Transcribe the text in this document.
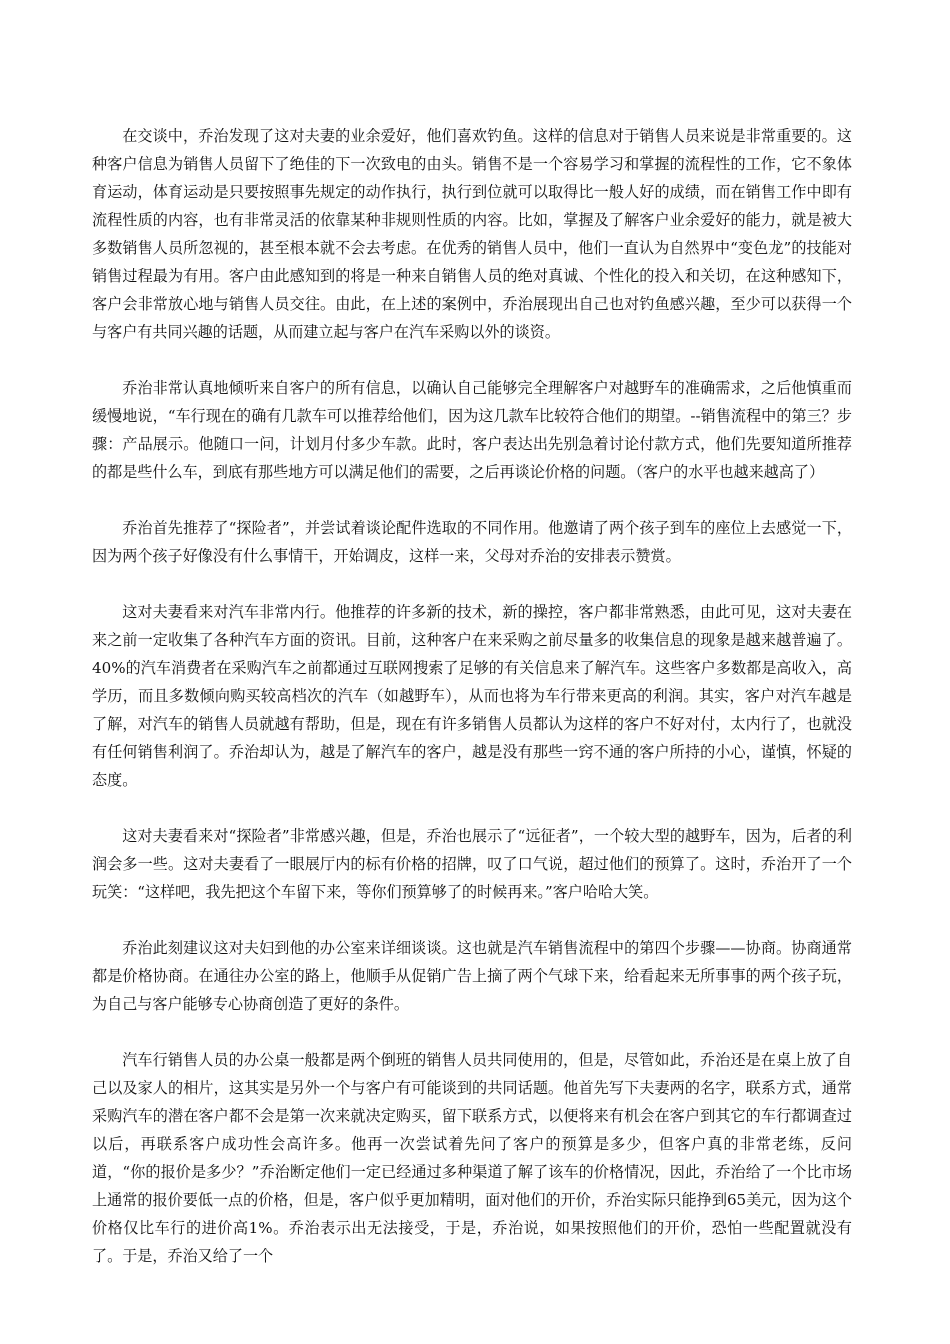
在交谈中，乔治发现了这对夫妻的业余爱好，他们喜欢钓鱼。这样的信息对于销售人员来说是非常重要的。这种客户信息为销售人员留下了绝佳的下一次致电的由头。销售不是一个容易学习和掌握的流程性的工作，它不象体育运动，体育运动是只要按照事先规定的动作执行，执行到位就可以取得比一般人好的成绩，而在销售工作中即有流程性质的内容，也有非常灵活的依靠某种非规则性质的内容。比如，掌握及了解客户业余爱好的能力，就是被大多数销售人员所忽视的，甚至根本就不会去考虑。在优秀的销售人员中，他们一直认为自然界中“变色龙”的技能对销售过程最为有用。客户由此感知到的将是一种来自销售人员的绝对真诚、个性化的投入和关切，在这种感知下，客户会非常放心地与销售人员交往。由此，在上述的案例中，乔治展现出自己也对钓鱼感兴趣，至少可以获得一个与客户有共同兴趣的话题，从而建立起与客户在汽车采购以外的谈资。

乔治非常认真地倾听来自客户的所有信息，以确认自己能够完全理解客户对越野车的准确需求，之后他慎重而缓慢地说，“车行现在的确有几款车可以推荐给他们，因为这几款车比较符合他们的期望。--销售流程中的第三？步骤：产品展示。他随口一问，计划月付多少车款。此时，客户表达出先别急着讨论付款方式，他们先要知道所推荐的都是些什么车，到底有那些地方可以满足他们的需要，之后再谈论价格的问题。（客户的水平也越来越高了）

乔治首先推荐了“探险者”，并尝试着谈论配件选取的不同作用。他邀请了两个孩子到车的座位上去感觉一下，因为两个孩子好像没有什么事情干，开始调皮，这样一来，父母对乔治的安排表示赞赏。

这对夫妻看来对汽车非常内行。他推荐的许多新的技术，新的操控，客户都非常熟悉，由此可见，这对夫妻在来之前一定收集了各种汽车方面的资讯。目前，这种客户在来采购之前尽量多的收集信息的现象是越来越普遍了。40%的汽车消费者在采购汽车之前都通过互联网搜索了足够的有关信息来了解汽车。这些客户多数都是高收入，高学历，而且多数倾向购买较高档次的汽车（如越野车），从而也将为车行带来更高的利润。其实，客户对汽车越是了解，对汽车的销售人员就越有帮助，但是，现在有许多销售人员都认为这样的客户不好对付，太内行了，也就没有任何销售利润了。乔治却认为，越是了解汽车的客户，越是没有那些一窍不通的客户所持的小心，谨慎，怀疑的态度。

这对夫妻看来对“探险者”非常感兴趣，但是，乔治也展示了“远征者”，一个较大型的越野车，因为，后者的利润会多一些。这对夫妻看了一眼展厅内的标有价格的招牌，叹了口气说，超过他们的预算了。这时，乔治开了一个玩笑：“这样吧，我先把这个车留下来，等你们预算够了的时候再来。”客户哈哈大笑。

乔治此刻建议这对夫妇到他的办公室来详细谈谈。这也就是汽车销售流程中的第四个步骤——协商。协商通常都是价格协商。在通往办公室的路上，他顺手从促销广告上摘了两个气球下来，给看起来无所事事的两个孩子玩，为自己与客户能够专心协商创造了更好的条件。

汽车行销售人员的办公桌一般都是两个倒班的销售人员共同使用的，但是，尽管如此，乔治还是在桌上放了自己以及家人的相片，这其实是另外一个与客户有可能谈到的共同话题。他首先写下夫妻两的名字，联系方式，通常采购汽车的潜在客户都不会是第一次来就决定购买，留下联系方式，以便将来有机会在客户到其它的车行都调查过以后，再联系客户成功性会高许多。他再一次尝试着先问了客户的预算是多少，但客户真的非常老练，反问道，“你的报价是多少？”乔治断定他们一定已经通过多种渠道了解了该车的价格情况，因此，乔治给了一个比市场上通常的报价要低一点的价格，但是，客户似乎更加精明，面对他们的开价，乔治实际只能挣到65美元，因为这个价格仅比车行的进价高1%。乔治表示出无法接受，于是，乔治说，如果按照他们的开价，恐怕一些配置就没有了。于是，乔治又给了一个
